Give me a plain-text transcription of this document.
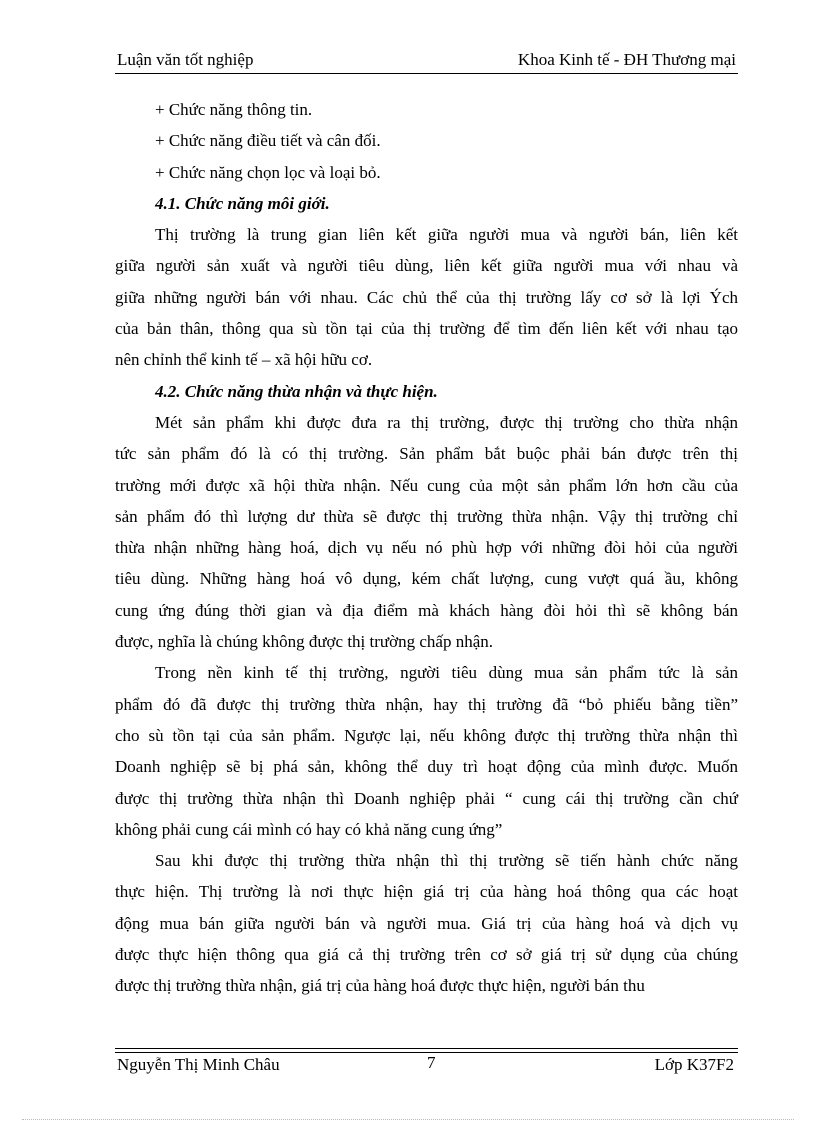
Luận văn tốt nghiệp	Khoa Kinh tế - ĐH Thương mại
+ Chức năng thông tin.
+ Chức năng điều tiết và cân đối.
+ Chức năng chọn lọc và loại bỏ.
4.1. Chức năng môi giới.
Thị trường là trung gian liên kết giữa người mua và người bán, liên kết
giữa người sản xuất và người tiêu dùng, liên kết giữa người mua với nhau và
giữa những người bán với nhau. Các chủ thể của thị trường lấy cơ sở là lợi Ých
của bản thân, thông qua sù tồn tại của thị trường để tìm đến liên kết với nhau tạo
nên chỉnh thể kinh tế – xã hội hữu cơ.
4.2. Chức năng thừa nhận và thực hiện.
Mét sản phẩm khi được đưa ra thị trường, được thị trường cho thừa nhận
tức sản phẩm đó là có thị trường. Sản phẩm bắt buộc phải bán được trên thị
trường mới được xã hội thừa nhận. Nếu cung của một sản phẩm lớn hơn cầu của
sản phẩm đó thì lượng dư thừa sẽ được thị trường thừa nhận. Vậy thị trường chỉ
thừa nhận những hàng hoá, dịch vụ nếu nó phù hợp với những đòi hỏi của người
tiêu dùng. Những hàng hoá vô dụng, kém chất lượng, cung vượt quá ầu, không
cung ứng đúng thời gian và địa điểm mà khách hàng đòi hỏi thì sẽ không bán
được, nghĩa là chúng không được thị trường chấp nhận.
Trong nền kinh tế thị trường, người tiêu dùng mua sản phẩm tức là sản
phẩm đó đã được thị trường thừa nhận, hay thị trường đã “bỏ phiếu bằng tiền”
cho sù tồn tại của sản phẩm. Ngược lại, nếu không được thị trường thừa nhận thì
Doanh nghiệp sẽ bị phá sản, không thể duy trì hoạt động của mình được. Muốn
được thị trường thừa nhận thì Doanh nghiệp phải “ cung cái thị trường cần chứ
không phải cung cái mình có hay có khả năng cung ứng”
Sau khi được thị trường thừa nhận thì thị trường sẽ tiến hành chức năng
thực hiện. Thị trường là nơi thực hiện giá trị của hàng hoá thông qua các hoạt
động mua bán giữa người bán và người mua. Giá trị của hàng hoá và dịch vụ
được thực hiện thông qua giá cả thị trường trên cơ sở giá trị sử dụng của chúng
được thị trường thừa nhận, giá trị của hàng hoá được thực hiện, người bán thu
Nguyễn Thị Minh Châu	7	Lớp K37F2
